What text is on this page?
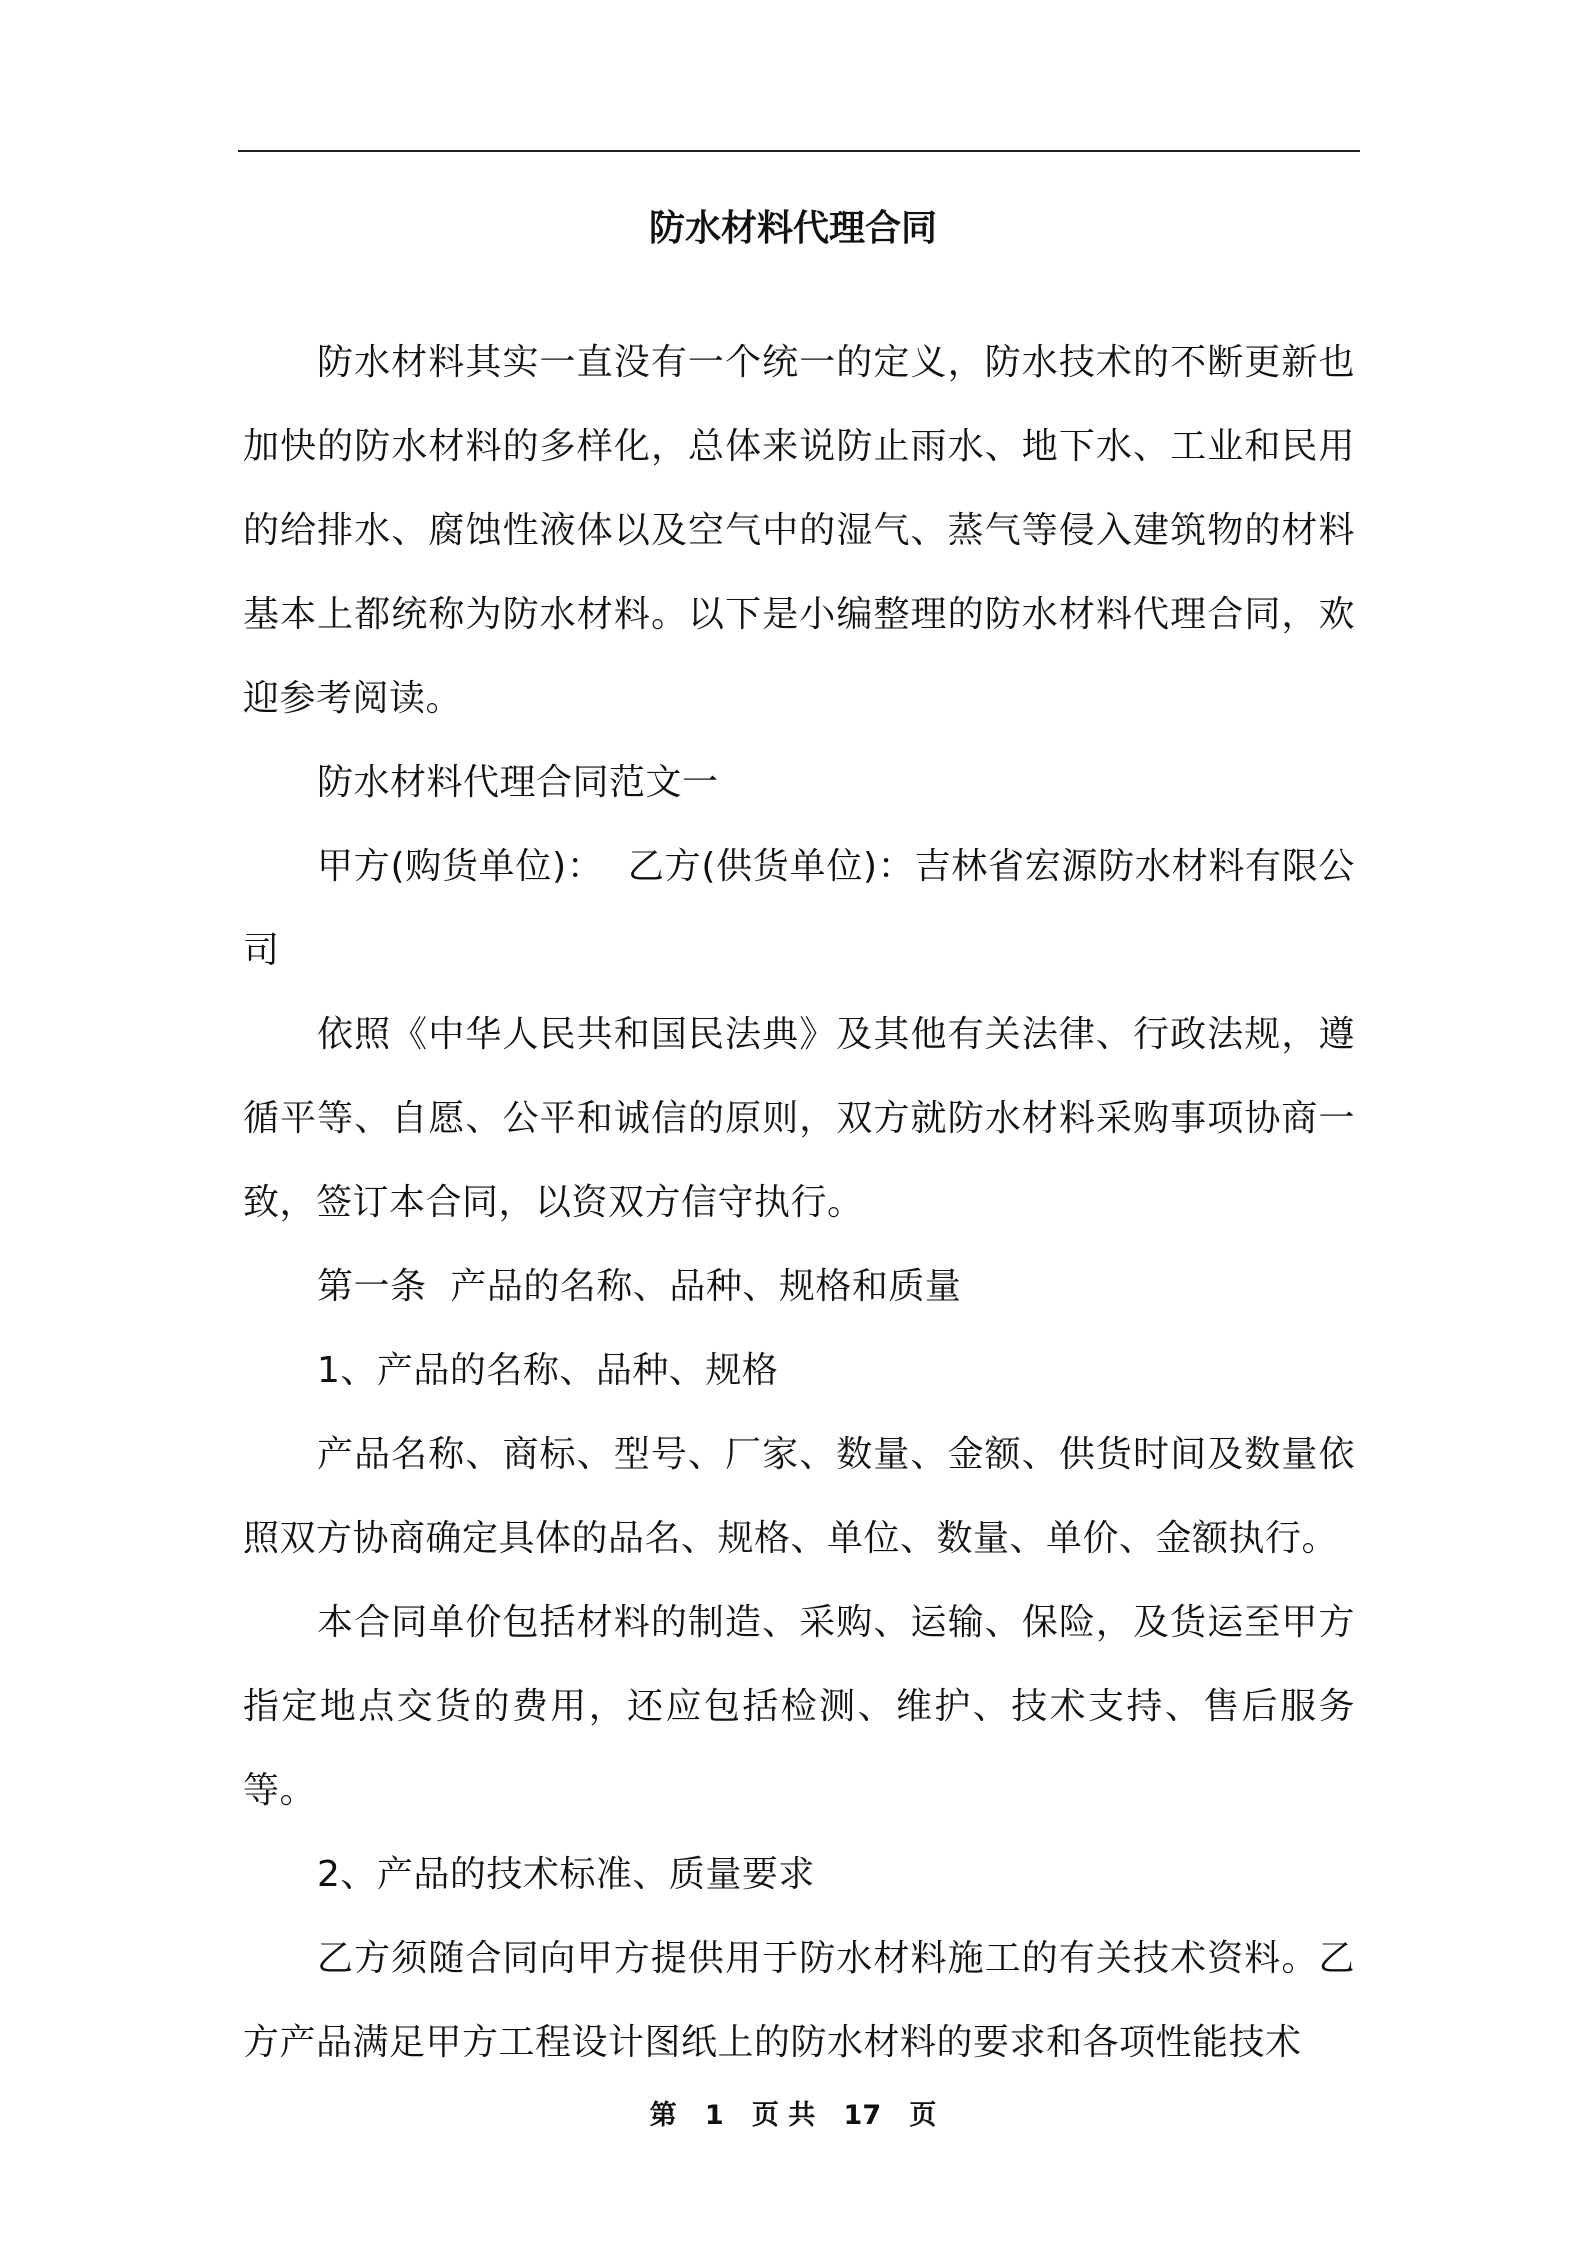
防水材料代理合同

防水材料其实一直没有一个统一的定义，防水技术的不断更新也加快的防水材料的多样化，总体来说防止雨水、地下水、工业和民用的给排水、腐蚀性液体以及空气中的湿气、蒸气等侵入建筑物的材料基本上都统称为防水材料。以下是小编整理的防水材料代理合同，欢迎参考阅读。

防水材料代理合同范文一

甲方(购货单位)：  乙方(供货单位)：吉林省宏源防水材料有限公司

依照《中华人民共和国民法典》及其他有关法律、行政法规，遵循平等、自愿、公平和诚信的原则，双方就防水材料采购事项协商一致，签订本合同，以资双方信守执行。

第一条  产品的名称、品种、规格和质量

1、产品的名称、品种、规格

产品名称、商标、型号、厂家、数量、金额、供货时间及数量依照双方协商确定具体的品名、规格、单位、数量、单价、金额执行。

本合同单价包括材料的制造、采购、运输、保险，及货运至甲方指定地点交货的费用，还应包括检测、维护、技术支持、售后服务等。

2、产品的技术标准、质量要求

乙方须随合同向甲方提供用于防水材料施工的有关技术资料。乙方产品满足甲方工程设计图纸上的防水材料的要求和各项性能技术

第 1 页 共 17 页
